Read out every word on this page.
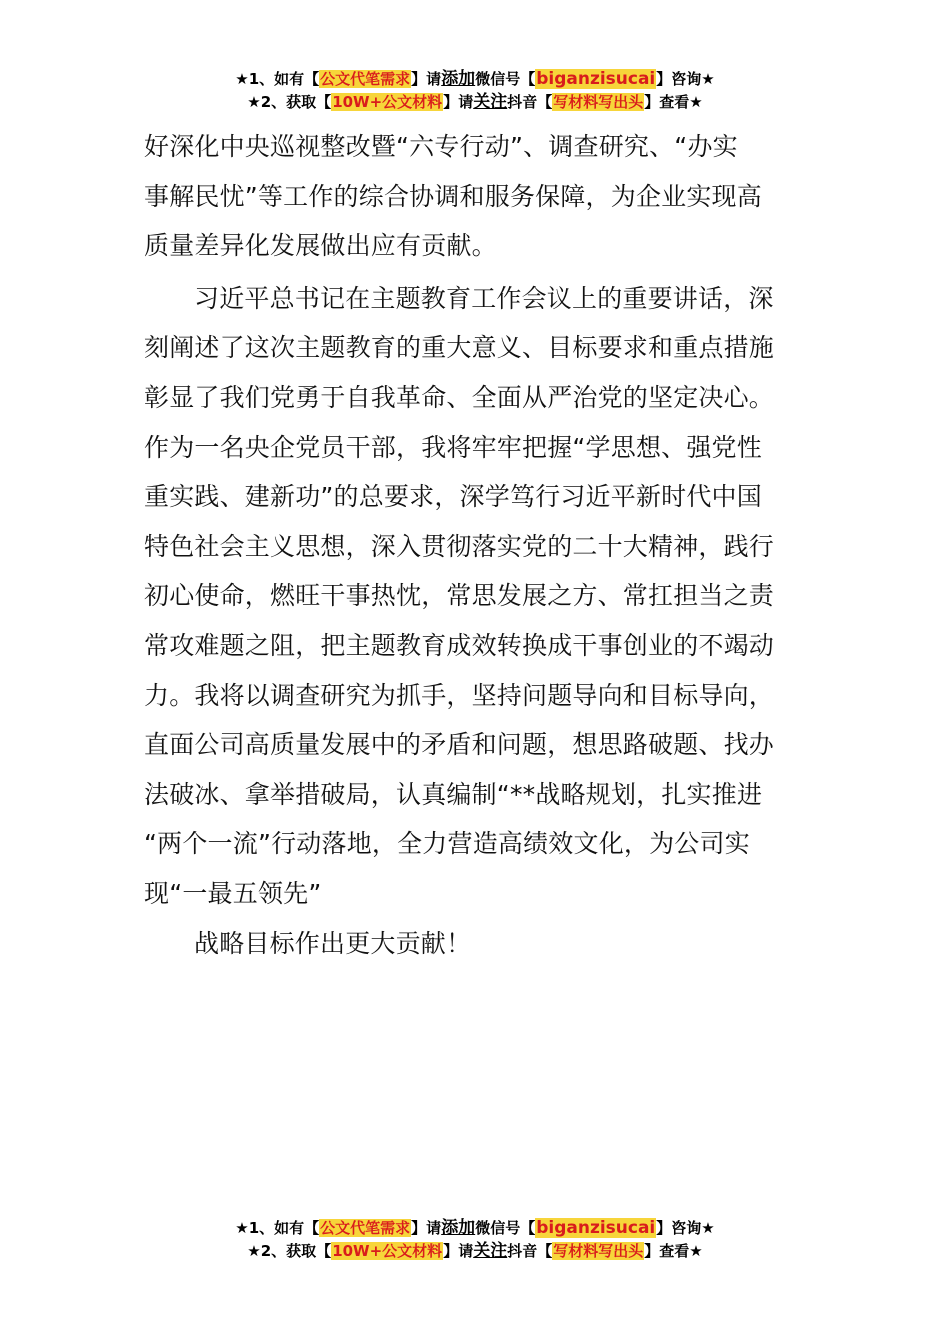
★1、如有【公文代笔需求】请添加微信号【biganzisucai】咨询★
★2、获取【10W+公文材料】请关注抖音【写材料写出头】查看★
好深化中央巡视整改暨“六专行动”、调查研究、“办实
事解民忧”等工作的综合协调和服务保障，为企业实现高
质量差异化发展做出应有贡献。
习近平总书记在主题教育工作会议上的重要讲话，深
刻阐述了这次主题教育的重大意义、目标要求和重点措施
彰显了我们党勇于自我革命、全面从严治党的坚定决心。
作为一名央企党员干部，我将牢牢把握“学思想、强党性
重实践、建新功”的总要求，深学笃行习近平新时代中国
特色社会主义思想，深入贯彻落实党的二十大精神，践行
初心使命，燃旺干事热忱，常思发展之方、常扛担当之责
常攻难题之阻，把主题教育成效转换成干事创业的不竭动
力。我将以调查研究为抓手，坚持问题导向和目标导向，
直面公司高质量发展中的矛盾和问题，想思路破题、找办
法破冰、拿举措破局，认真编制“**战略规划，扎实推进
“两个一流”行动落地，全力营造高绩效文化，为公司实
现“一最五领先”
战略目标作出更大贡献！
★1、如有【公文代笔需求】请添加微信号【biganzisucai】咨询★
★2、获取【10W+公文材料】请关注抖音【写材料写出头】查看★
